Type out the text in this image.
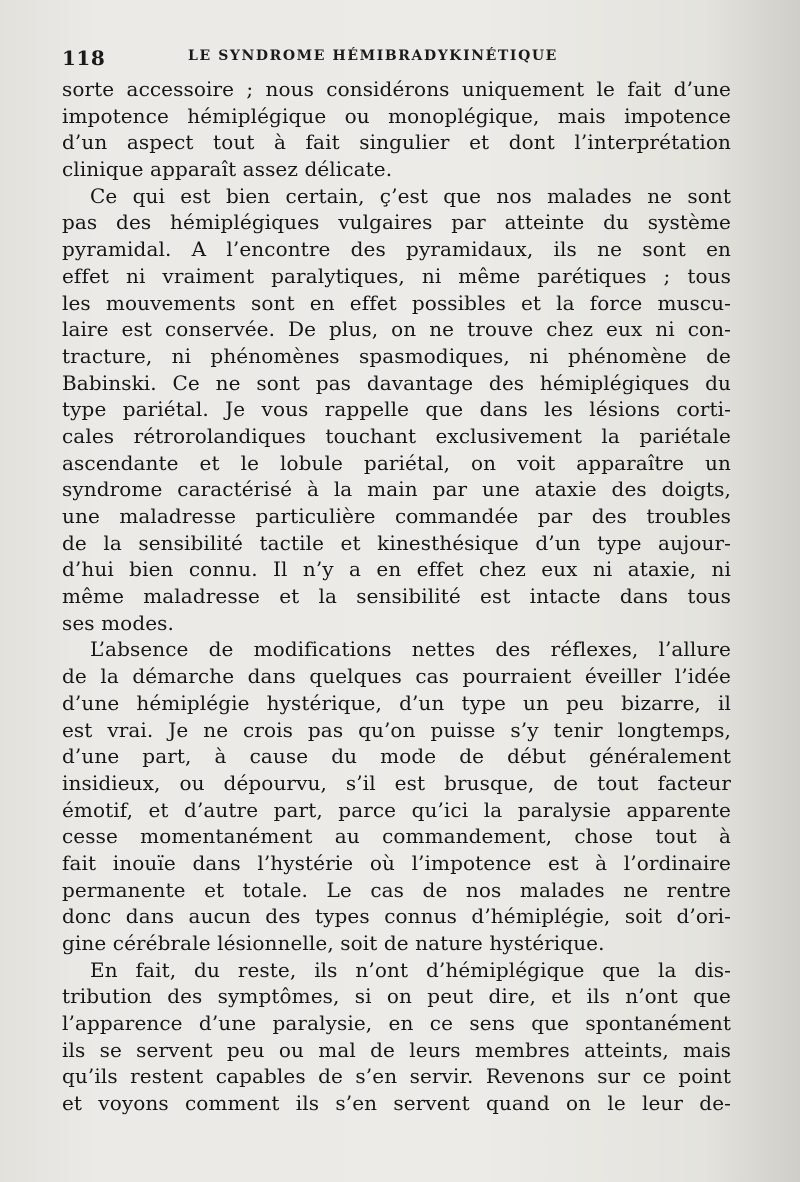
118	LE SYNDROME HÉMIBRADYKINÉTIQUE
sorte accessoire ; nous considérons uniquement le fait d’une
impotence hémiplégique ou monoplégique, mais impotence
d’un aspect tout à fait singulier et dont l’interprétation
clinique apparaît assez délicate.
Ce qui est bien certain, ç’est que nos malades ne sont
pas des hémiplégiques vulgaires par atteinte du système
pyramidal. A l’encontre des pyramidaux, ils ne sont en
effet ni vraiment paralytiques, ni même parétiques ; tous
les mouvements sont en effet possibles et la force muscu-
laire est conservée. De plus, on ne trouve chez eux ni con-
tracture, ni phénomènes spasmodiques, ni phénomène de
Babinski. Ce ne sont pas davantage des hémiplégiques du
type pariétal. Je vous rappelle que dans les lésions corti-
cales rétrorolandiques touchant exclusivement la pariétale
ascendante et le lobule pariétal, on voit apparaître un
syndrome caractérisé à la main par une ataxie des doigts,
une maladresse particulière commandée par des troubles
de la sensibilité tactile et kinesthésique d’un type aujour-
d’hui bien connu. Il n’y a en effet chez eux ni ataxie, ni
même maladresse et la sensibilité est intacte dans tous
ses modes.
L’absence de modifications nettes des réflexes, l’allure
de la démarche dans quelques cas pourraient éveiller l’idée
d’une hémiplégie hystérique, d’un type un peu bizarre, il
est vrai. Je ne crois pas qu’on puisse s’y tenir longtemps,
d’une part, à cause du mode de début généralement
insidieux, ou dépourvu, s’il est brusque, de tout facteur
émotif, et d’autre part, parce qu’ici la paralysie apparente
cesse momentanément au commandement, chose tout à
fait inouïe dans l’hystérie où l’impotence est à l’ordinaire
permanente et totale. Le cas de nos malades ne rentre
donc dans aucun des types connus d’hémiplégie, soit d’ori-
gine cérébrale lésionnelle, soit de nature hystérique.
En fait, du reste, ils n’ont d’hémiplégique que la dis-
tribution des symptômes, si on peut dire, et ils n’ont que
l’apparence d’une paralysie, en ce sens que spontanément
ils se servent peu ou mal de leurs membres atteints, mais
qu’ils restent capables de s’en servir. Revenons sur ce point
et voyons comment ils s’en servent quand on le leur de-
